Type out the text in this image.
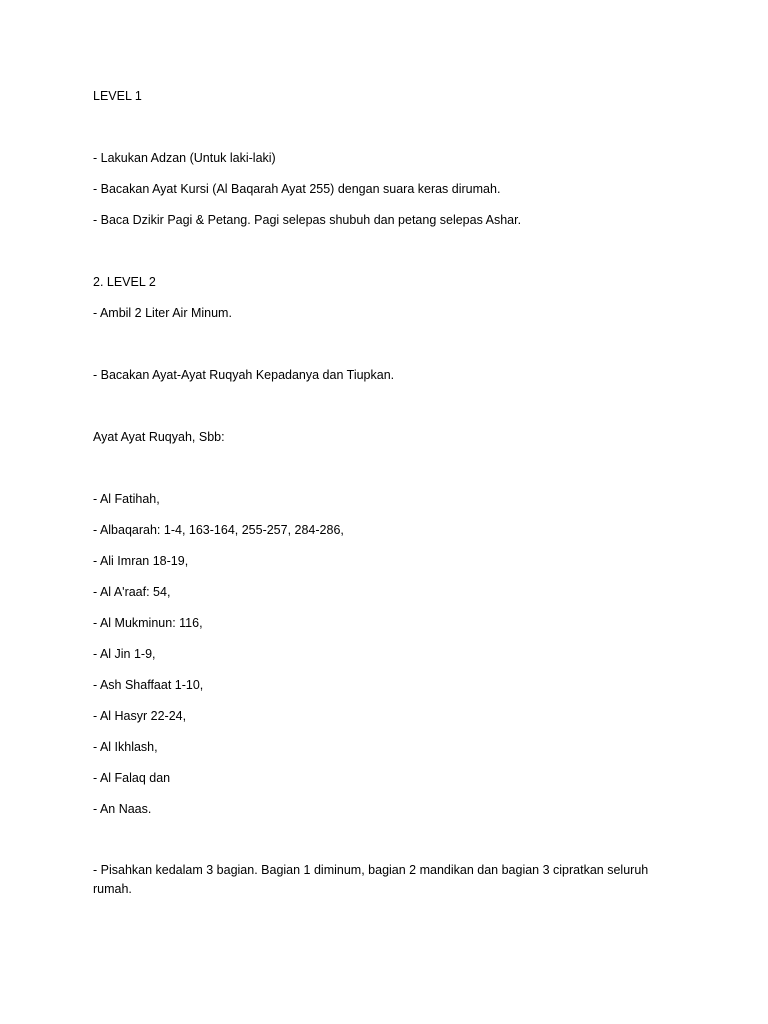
LEVEL 1
- Lakukan Adzan (Untuk laki-laki)
- Bacakan Ayat Kursi (Al Baqarah Ayat 255) dengan suara keras dirumah.
- Baca Dzikir Pagi & Petang. Pagi selepas shubuh dan petang selepas Ashar.
2. LEVEL 2
- Ambil 2 Liter Air Minum.
- Bacakan Ayat-Ayat Ruqyah Kepadanya dan Tiupkan.
Ayat Ayat Ruqyah, Sbb:
- Al Fatihah,
- Albaqarah: 1-4, 163-164, 255-257, 284-286,
- Ali Imran 18-19,
- Al A'raaf: 54,
- Al Mukminun: 116,
- Al Jin 1-9,
- Ash Shaffaat 1-10,
- Al Hasyr 22-24,
- Al Ikhlash,
- Al Falaq dan
- An Naas.
- Pisahkan kedalam 3 bagian. Bagian 1 diminum, bagian 2 mandikan dan bagian 3 cipratkan seluruh rumah.
